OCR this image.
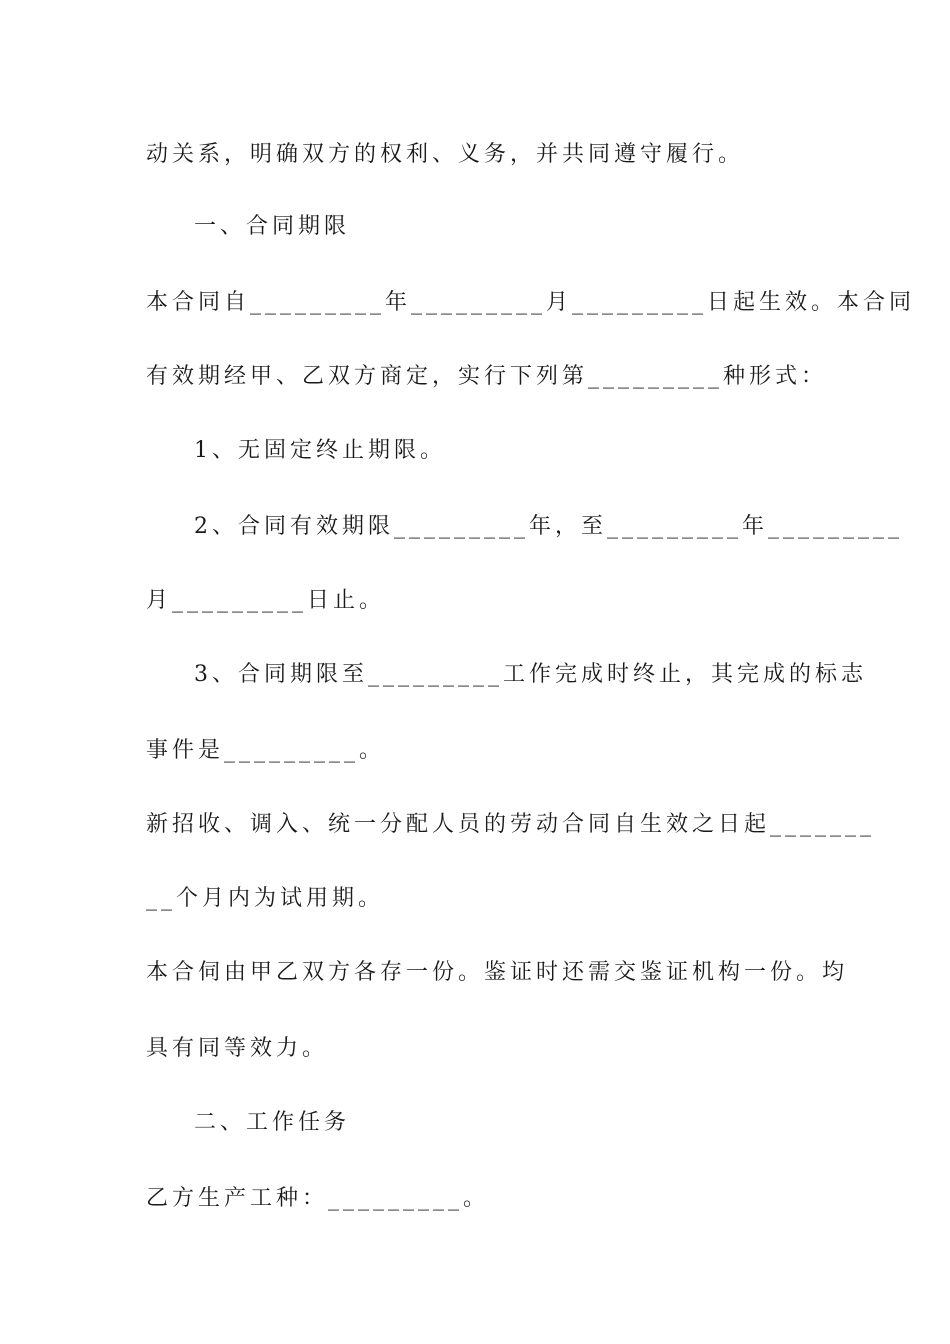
动关系，明确双方的权利、义务，并共同遵守履行。
一、合同期限
本合同自_________年_________月_________日起生效。本合同
有效期经甲、乙双方商定，实行下列第_________种形式：
1、无固定终止期限。
2、合同有效期限_________年，至_________年_________
月_________日止。
3、合同期限至_________工作完成时终止，其完成的标志
事件是_________。
新招收、调入、统一分配人员的劳动合同自生效之日起_______
__个月内为试用期。
本合伺由甲乙双方各存一份。鉴证时还需交鉴证机构一份。均
具有同等效力。
二、工作任务
乙方生产工种：_________。
